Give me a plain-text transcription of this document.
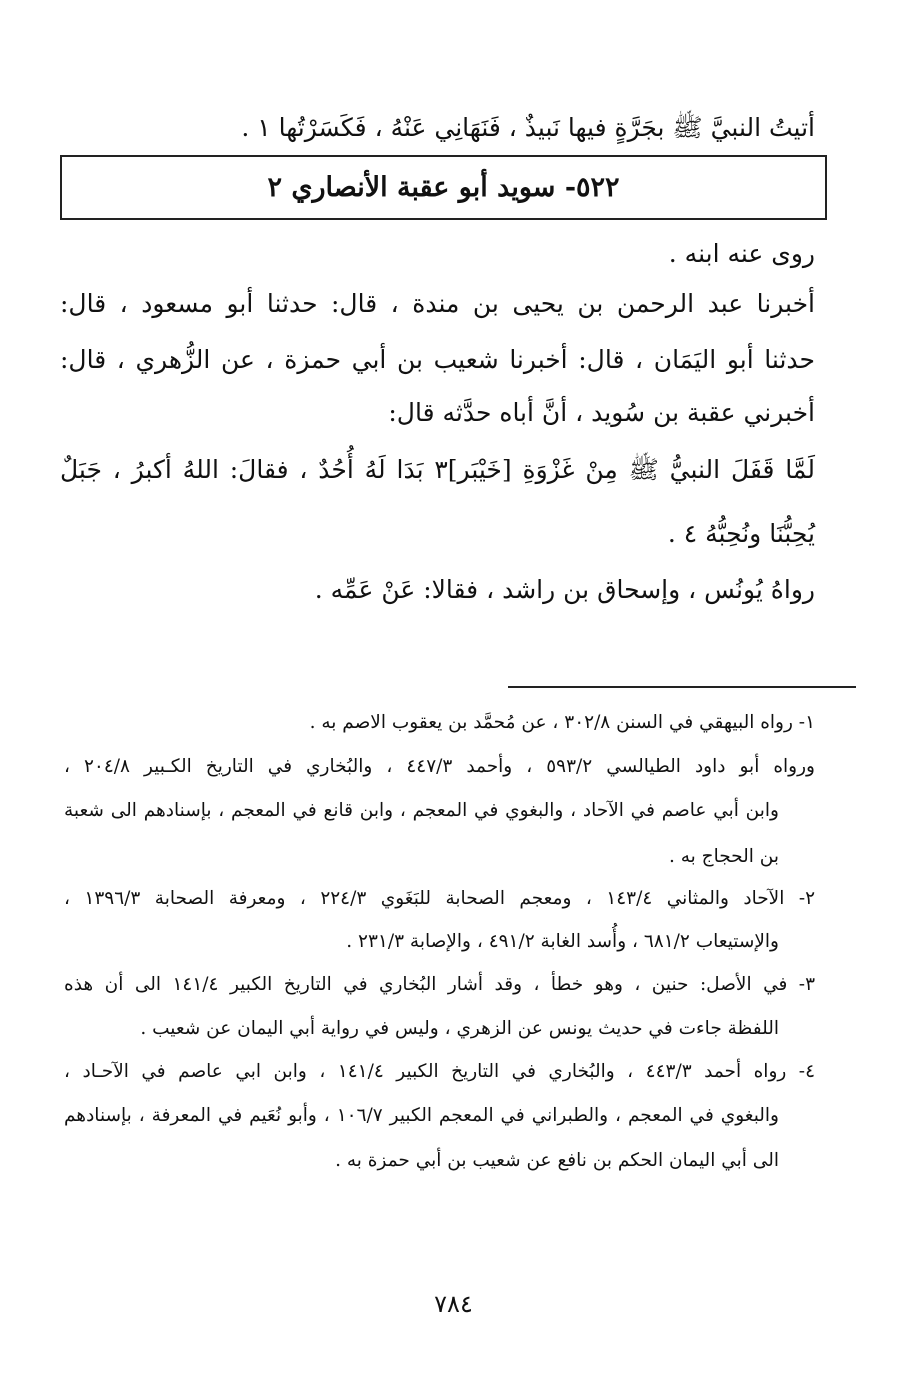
أتيتُ النبيَّ ﷺ بجَرَّةٍ فيها نَبيذٌ ، فَنَهَانِي عَنْهُ ، فَكَسَرْتُها ١ .
٥٢٢- سويد أبو عقبة الأنصاري ٢
روى عنه ابنه .
أخبرنا عبد الرحمن بن يحيى بن مندة ، قال: حدثنا أبو مسعود ، قال:
حدثنا أبو اليَمَان ، قال: أخبرنا شعيب بن أبي حمزة ، عن الزُّهري ، قال:
أخبرني عقبة بن سُويد ، أنَّ أباه حدَّثه قال:
لَمَّا قَفَلَ النبيُّ ﷺ مِنْ غَزْوَةِ [خَيْبَر]٣ بَدَا لَهُ أُحُدٌ ، فقالَ: اللهُ أكبرُ ، جَبَلٌ
يُحِبُّنَا ونُحِبُّهُ ٤ .
رواهُ يُونُس ، وإسحاق بن راشد ، فقالا: عَنْ عَمِّه .
١- رواه البيهقي في السنن ٣٠٢/٨ ، عن مُحمَّد بن يعقوب الاصم به .
ورواه أبو داود الطيالسي ٥٩٣/٢ ، وأحمد ٤٤٧/٣ ، والبُخاري في التاريخ الكـبير ٢٠٤/٨ ،
وابن أبي عاصم في الآحاد ، والبغوي في المعجم ، وابن قانع في المعجم ، بإسنادهم الى شعبة
بن الحجاج به .
٢- الآحاد والمثاني ١٤٣/٤ ، ومعجم الصحابة للبَغَوي ٢٢٤/٣ ، ومعرفة الصحابة ١٣٩٦/٣ ،
والإستيعاب ٦٨١/٢ ، وأُسد الغابة ٤٩١/٢ ، والإصابة ٢٣١/٣ .
٣- في الأصل: حنين ، وهو خطأ ، وقد أشار البُخاري في التاريخ الكبير ١٤١/٤ الى أن هذه
اللفظة جاءت في حديث يونس عن الزهري ، وليس في رواية أبي اليمان عن شعيب .
٤- رواه أحمد ٤٤٣/٣ ، والبُخاري في التاريخ الكبير ١٤١/٤ ، وابن ابي عاصم في الآحـاد ،
والبغوي في المعجم ، والطبراني في المعجم الكبير ١٠٦/٧ ، وأبو نُعَيم في المعرفة ، بإسنادهم
الى أبي اليمان الحكم بن نافع عن شعيب بن أبي حمزة به .
٧٨٤
